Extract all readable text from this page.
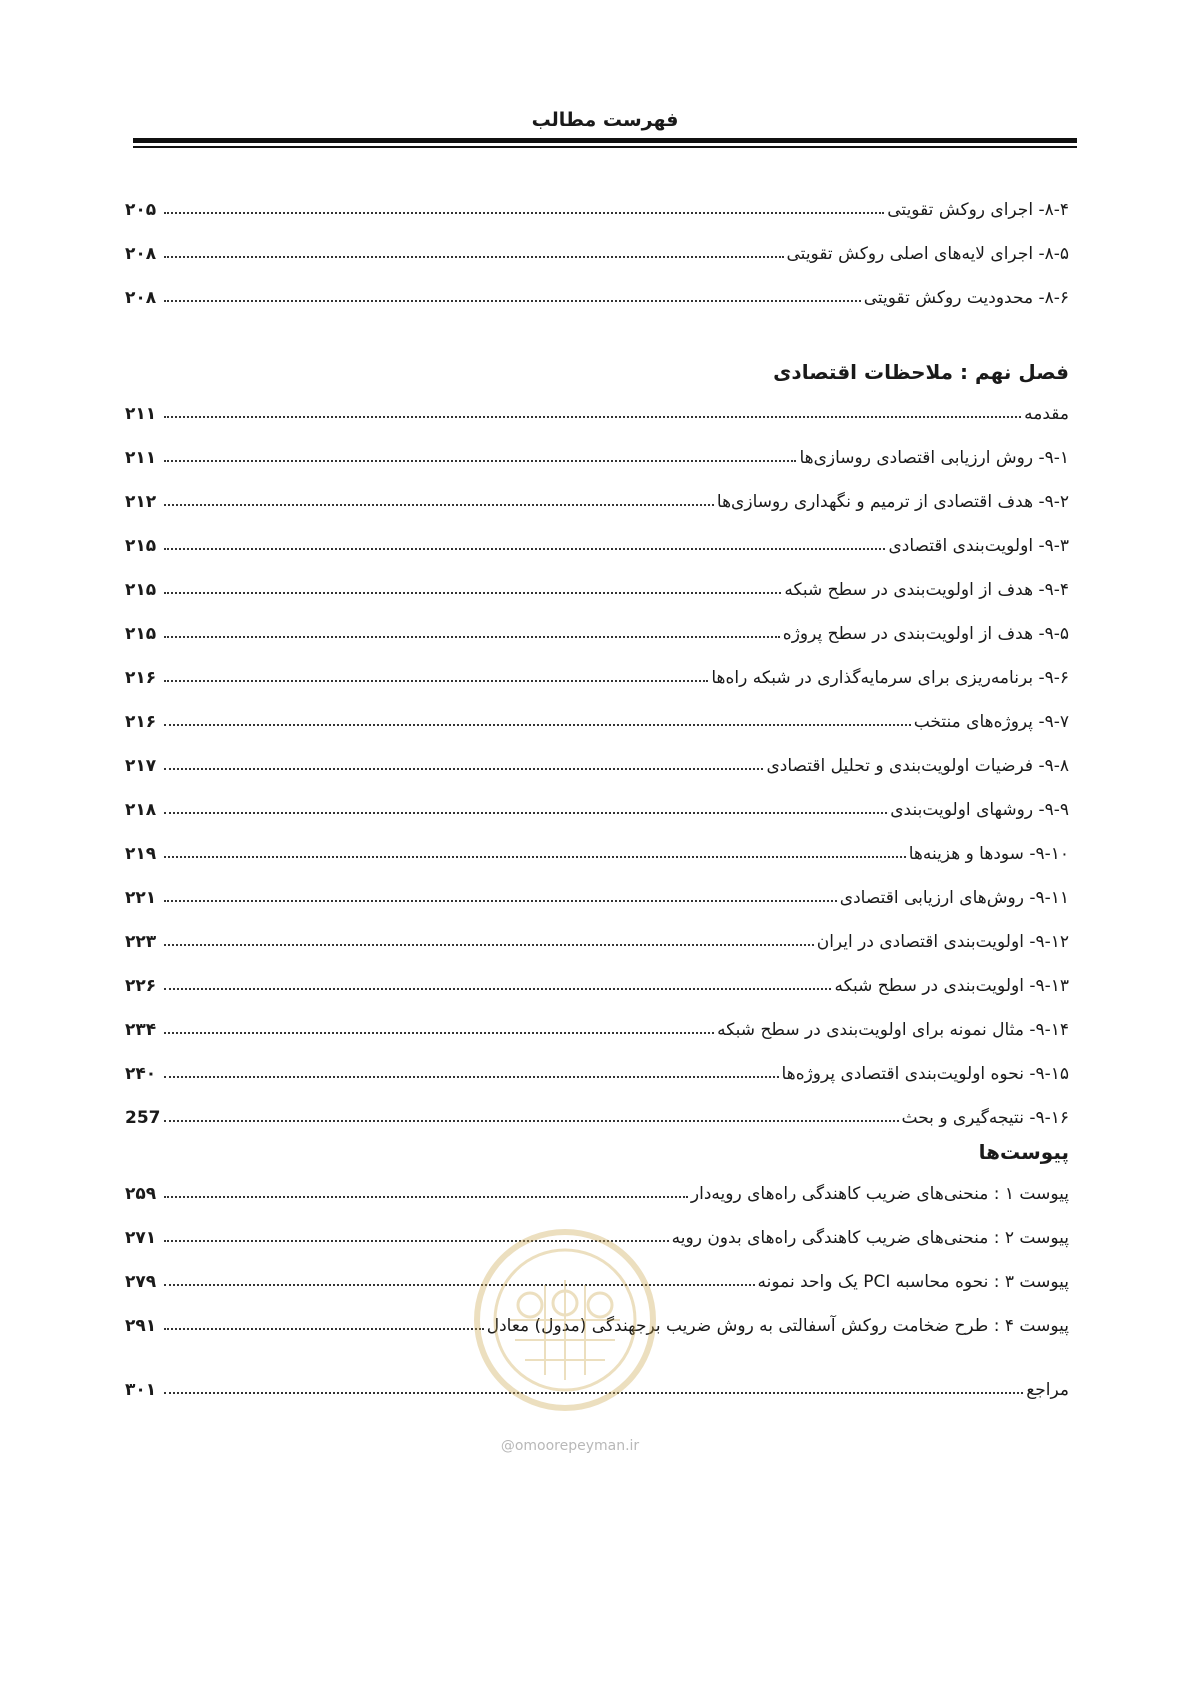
فهرست مطالب
۸-۴- اجرای روکش تقویتی
۲۰۵
۸-۵- اجرای لایه‌های اصلی روکش تقویتی
۲۰۸
۸-۶- محدودیت روکش تقویتی
۲۰۸
فصل نهم : ملاحظات اقتصادی
مقدمه
۲۱۱
۹-۱- روش ارزیابی اقتصادی روسازی‌ها
۲۱۱
۹-۲- هدف اقتصادی از ترمیم و نگهداری روسازی‌ها
۲۱۲
۹-۳- اولویت‌بندی اقتصادی
۲۱۵
۹-۴- هدف از اولویت‌بندی در سطح شبکه
۲۱۵
۹-۵- هدف از اولویت‌بندی در سطح پروژه
۲۱۵
۹-۶- برنامه‌ریزی برای سرمایه‌گذاری در شبکه راه‌ها
۲۱۶
۹-۷- پروژه‌های منتخب
۲۱۶
۹-۸- فرضیات اولویت‌بندی و تحلیل اقتصادی
۲۱۷
۹-۹- روشهای اولویت‌بندی
۲۱۸
۹-۱۰- سودها و هزینه‌ها
۲۱۹
۹-۱۱- روش‌های ارزیابی اقتصادی
۲۲۱
۹-۱۲- اولویت‌بندی اقتصادی در ایران
۲۲۳
۹-۱۳- اولویت‌بندی در سطح شبکه
۲۲۶
۹-۱۴- مثال نمونه برای اولویت‌بندی در سطح شبکه
۲۳۴
۹-۱۵- نحوه اولویت‌بندی اقتصادی پروژه‌ها
۲۴۰
۹-۱۶- نتیجه‌گیری و بحث
257
پیوست‌ها
پیوست ۱ : منحنی‌های ضریب کاهندگی راه‌های رویه‌دار
۲۵۹
پیوست ۲ : منحنی‌های ضریب کاهندگی راه‌های بدون رویه
۲۷۱
پیوست ۳ : نحوه محاسبه PCI یک واحد نمونه
۲۷۹
پیوست ۴ : طرح ضخامت روکش آسفالتی به روش ضریب برجهندگی (مدول) معادل
۲۹۱
مراجع
۳۰۱
@omoorepeyman.ir
